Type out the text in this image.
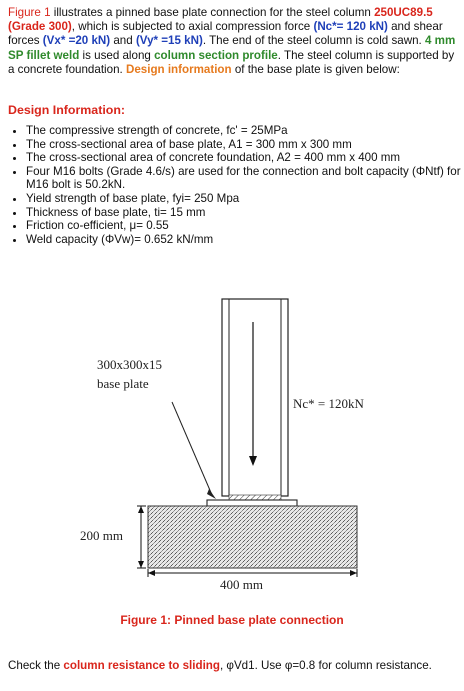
Figure 1 illustrates a pinned base plate connection for the steel column 250UC89.5 (Grade 300), which is subjected to axial compression force (Nc*= 120 kN) and shear forces (Vx* =20 kN) and (Vy* =15 kN). The end of the steel column is cold sawn. 4 mm SP fillet weld is used along column section profile. The steel column is supported by a concrete foundation. Design information of the base plate is given below:
Design Information:
• The compressive strength of concrete, fc' = 25MPa
• The cross-sectional area of base plate, A1 = 300 mm x 300 mm
• The cross-sectional area of concrete foundation, A2 = 400 mm x 400 mm
• Four M16 bolts (Grade 4.6/s) are used for the connection and bolt capacity (ΦNtf) for M16 bolt is 50.2kN.
• Yield strength of base plate, fyi= 250 Mpa
• Thickness of base plate, ti= 15 mm
• Friction co-efficient, μ= 0.55
• Weld capacity (ΦVw)= 0.652 kN/mm
300x300x15
base plate
Nc* = 120kN
200 mm
400 mm
Figure 1: Pinned base plate connection
Check the column resistance to sliding, φVd1. Use φ=0.8 for column resistance.
